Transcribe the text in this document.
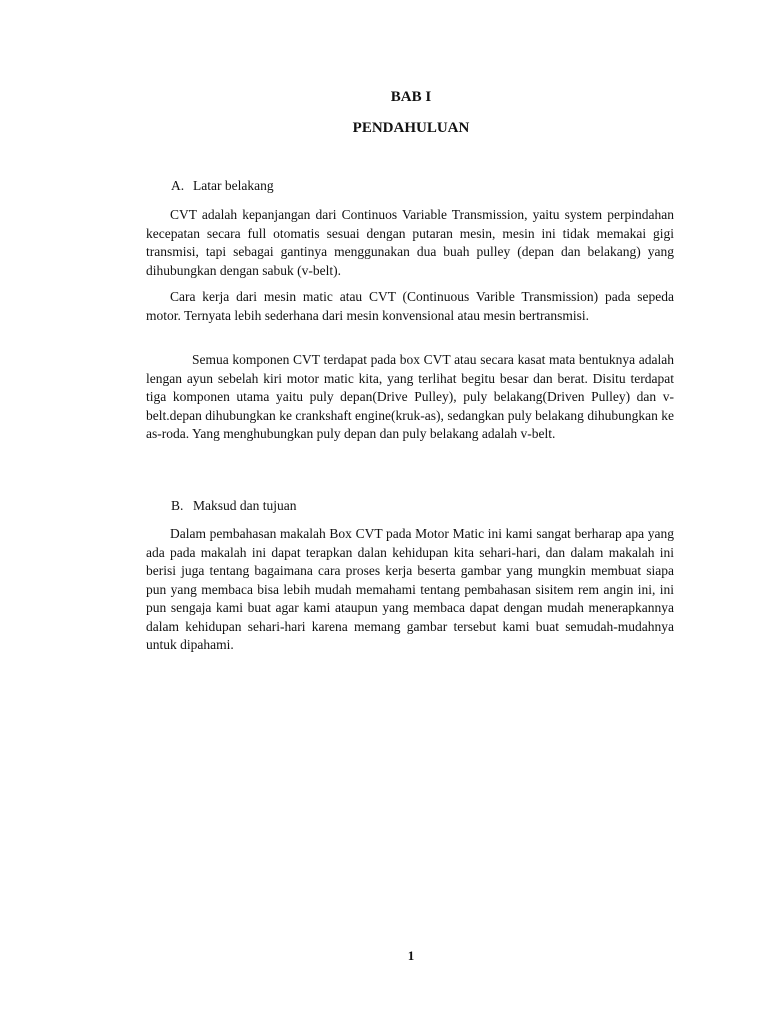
BAB I
PENDAHULUAN
A. Latar belakang

CVT adalah kepanjangan dari Continuos Variable Transmission, yaitu system perpindahan kecepatan secara full otomatis sesuai dengan putaran mesin, mesin ini tidak memakai gigi transmisi, tapi sebagai gantinya menggunakan dua buah pulley (depan dan belakang) yang dihubungkan dengan sabuk (v-belt).

Cara kerja dari mesin matic atau CVT (Continuous Varible Transmission) pada sepeda motor. Ternyata lebih sederhana dari mesin konvensional atau mesin bertransmisi.

Semua komponen CVT terdapat pada box CVT atau secara kasat mata bentuknya adalah lengan ayun sebelah kiri motor matic kita, yang terlihat begitu besar dan berat. Disitu terdapat tiga komponen utama yaitu puly depan(Drive Pulley), puly belakang(Driven Pulley) dan v-belt.depan dihubungkan ke crankshaft engine(kruk-as), sedangkan puly belakang dihubungkan ke as-roda. Yang menghubungkan puly depan dan puly belakang adalah v-belt.

B. Maksud dan tujuan

Dalam pembahasan makalah Box CVT pada Motor Matic ini kami sangat berharap apa yang ada pada makalah ini dapat terapkan dalan kehidupan kita sehari-hari, dan dalam makalah ini berisi juga tentang bagaimana cara proses kerja beserta gambar yang mungkin membuat siapa pun yang membaca bisa lebih mudah memahami tentang pembahasan sisitem rem angin ini, ini pun sengaja kami buat agar kami ataupun yang membaca dapat dengan mudah menerapkannya dalam kehidupan sehari-hari karena memang gambar tersebut kami buat semudah-mudahnya untuk dipahami.

1
